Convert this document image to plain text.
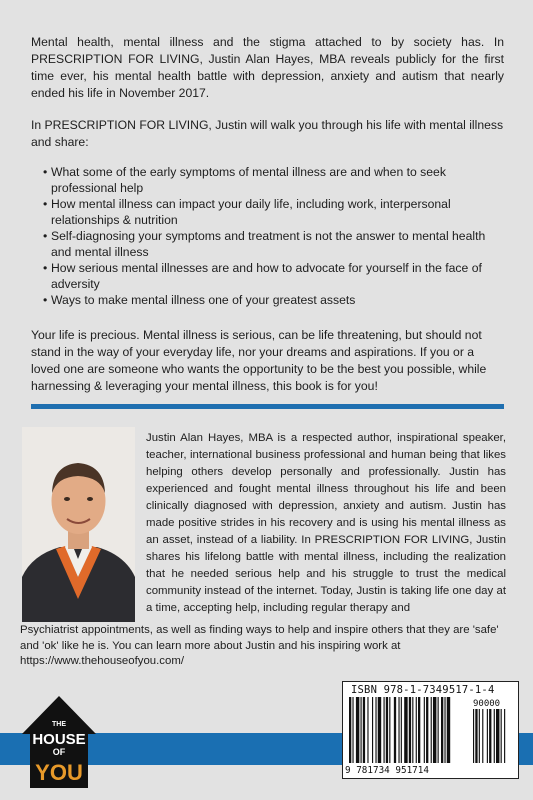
Mental health, mental illness and the stigma attached to by society has. In PRESCRIPTION FOR LIVING, Justin Alan Hayes, MBA reveals publicly for the first time ever, his mental health battle with depression, anxiety and autism that nearly ended his life in November 2017.

In PRESCRIPTION FOR LIVING, Justin will walk you through his life with mental illness and share:

• What some of the early symptoms of mental illness are and when to seek professional help
• How mental illness can impact your daily life, including work, interpersonal relationships & nutrition
• Self-diagnosing your symptoms and treatment is not the answer to mental health and mental illness
• How serious mental illnesses are and how to advocate for yourself in the face of adversity
• Ways to make mental illness one of your greatest assets

Your life is precious. Mental illness is serious, can be life threatening, but should not stand in the way of your everyday life, nor your dreams and aspirations. If you or a loved one are someone who wants the opportunity to be the best you possible, while harnessing & leveraging your mental illness, this book is for you!

Justin Alan Hayes, MBA is a respected author, inspirational speaker, teacher, international business professional and human being that likes helping others develop personally and professionally. Justin has experienced and fought mental illness throughout his life and been clinically diagnosed with depression, anxiety and autism. Justin has made positive strides in his recovery and is using his mental illness as an asset, instead of a liability. In PRESCRIPTION FOR LIVING, Justin shares his lifelong battle with mental illness, including the realization that he needed serious help and his struggle to trust the medical community instead of the internet. Today, Justin is taking life one day at a time, accepting help, including regular therapy and

Psychiatrist appointments, as well as finding ways to help and inspire others that they are 'safe' and 'ok' like he is. You can learn more about Justin and his inspiring work at https://www.thehouseofyou.com/

THE
HOUSE
OF
YOU
ISBN 978-1-7349517-1-4
90000
9 781734 951714
